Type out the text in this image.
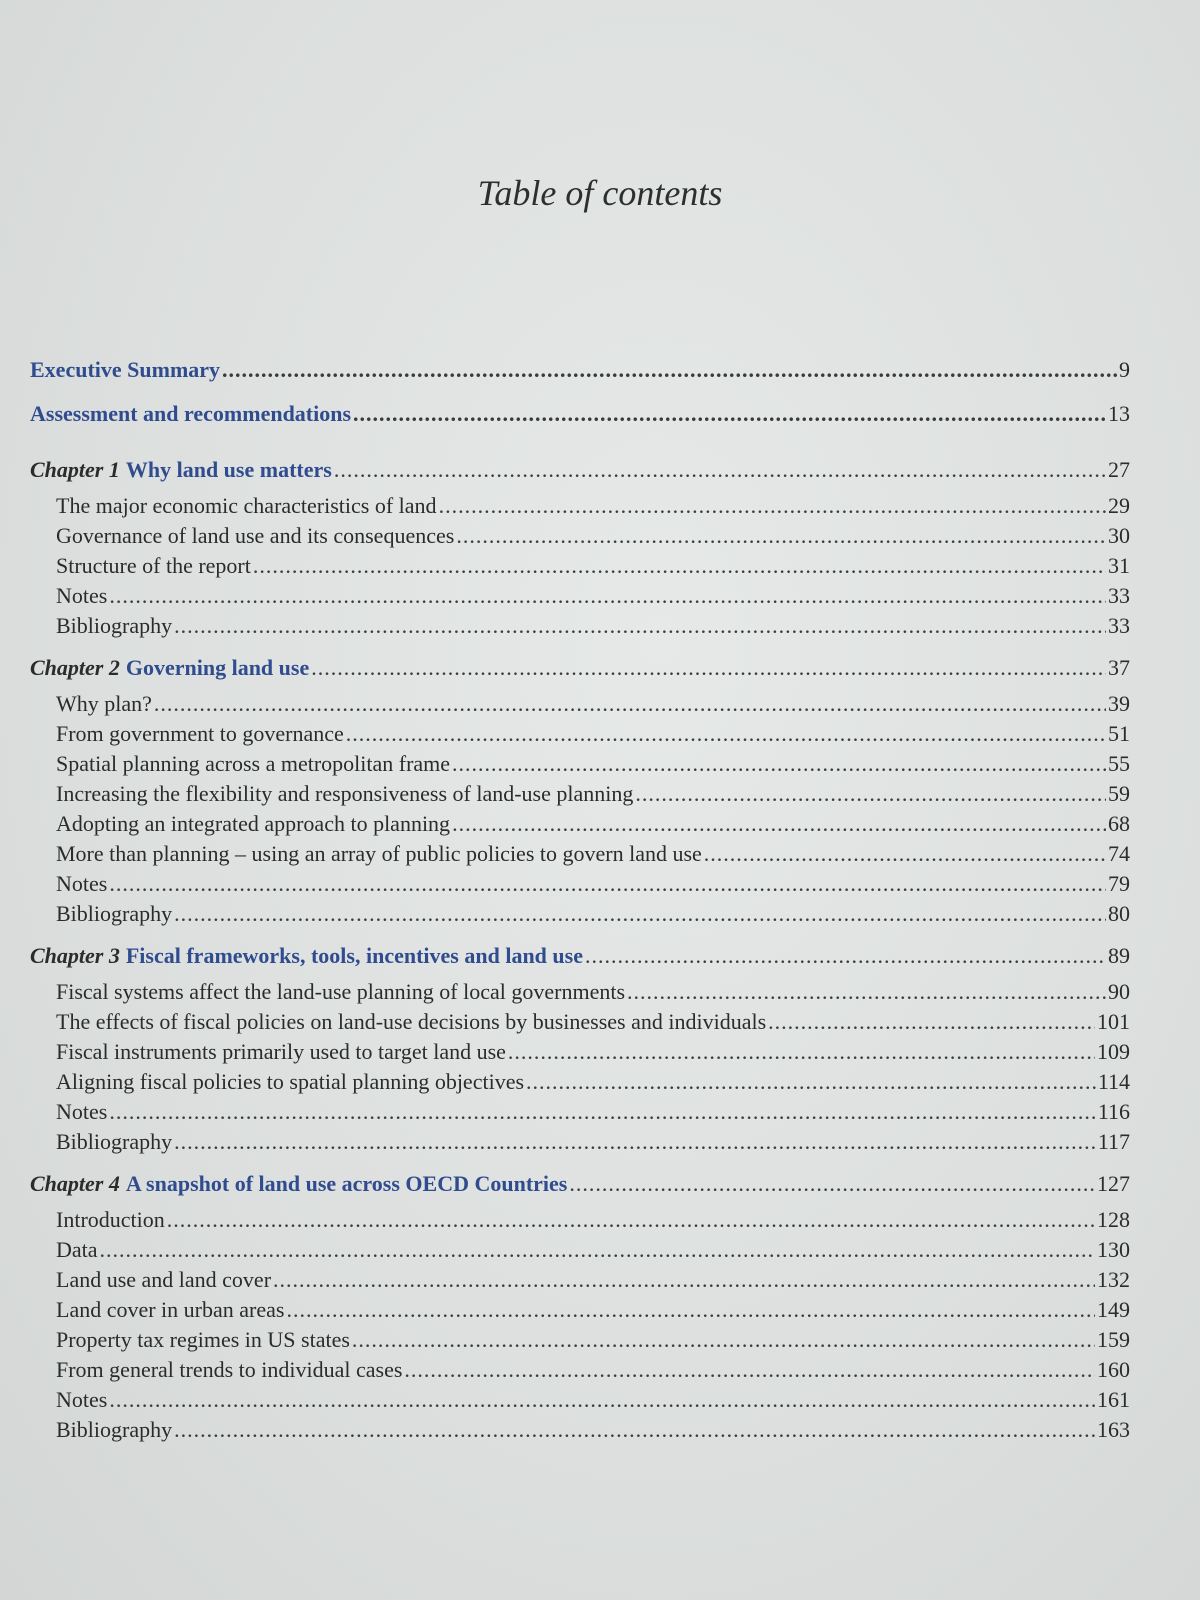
Table of contents
Executive Summary .....	9
Assessment and recommendations .....	13
Chapter 1 Why land use matters .....	27
The major economic characteristics of land .....	29
Governance of land use and its consequences .....	30
Structure of the report .....	31
Notes .....	33
Bibliography .....	33
Chapter 2 Governing land use .....	37
Why plan? .....	39
From government to governance .....	51
Spatial planning across a metropolitan frame .....	55
Increasing the flexibility and responsiveness of land-use planning .....	59
Adopting an integrated approach to planning .....	68
More than planning – using an array of public policies to govern land use .....	74
Notes .....	79
Bibliography .....	80
Chapter 3 Fiscal frameworks, tools, incentives and land use .....	89
Fiscal systems affect the land-use planning of local governments .....	90
The effects of fiscal policies on land-use decisions by businesses and individuals .....	101
Fiscal instruments primarily used to target land use .....	109
Aligning fiscal policies to spatial planning objectives .....	114
Notes .....	116
Bibliography .....	117
Chapter 4 A snapshot of land use across OECD Countries .....	127
Introduction .....	128
Data .....	130
Land use and land cover .....	132
Land cover in urban areas .....	149
Property tax regimes in US states .....	159
From general trends to individual cases .....	160
Notes .....	161
Bibliography .....	163
